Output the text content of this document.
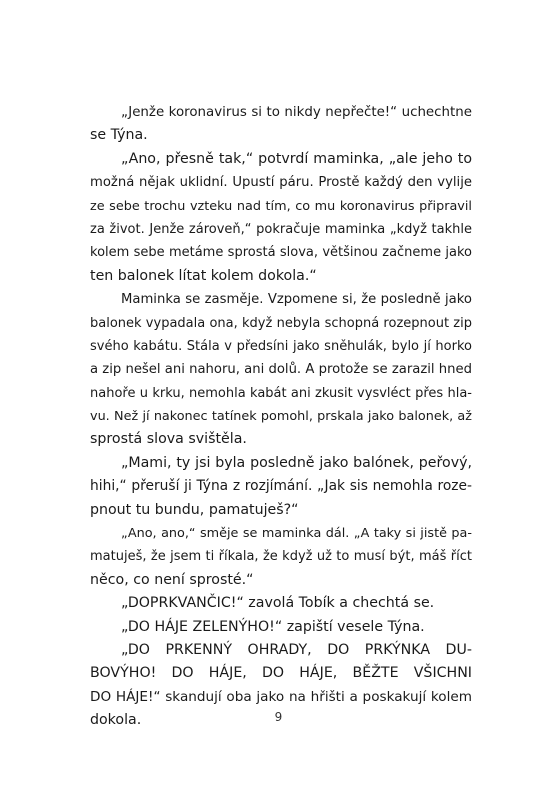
„Jenže koronavirus si to nikdy nepřečte!“ uchechtne
se Týna.
„Ano, přesně tak,“ potvrdí maminka, „ale jeho to
možná nějak uklidní. Upustí páru. Prostě každý den vylije
ze sebe trochu vzteku nad tím, co mu koronavirus připravil
za život. Jenže zároveň,“ pokračuje maminka „když takhle
kolem sebe metáme sprostá slova, většinou začneme jako
ten balonek lítat kolem dokola.“
Maminka se zasměje. Vzpomene si, že posledně jako
balonek vypadala ona, když nebyla schopná rozepnout zip
svého kabátu. Stála v předsíni jako sněhulák, bylo jí horko
a zip nešel ani nahoru, ani dolů. A protože se zarazil hned
nahoře u krku, nemohla kabát ani zkusit vysvléct přes hla-
vu. Než jí nakonec tatínek pomohl, prskala jako balonek, až
sprostá slova svištěla.
„Mami, ty jsi byla posledně jako balónek, peřový,
hihi,“ přeruší ji Týna z rozjímání. „Jak sis nemohla roze-
pnout tu bundu, pamatuješ?“
„Ano, ano,“ směje se maminka dál. „A taky si jistě pa-
matuješ, že jsem ti říkala, že když už to musí být, máš říct
něco, co není sprosté.“
„DOPRKVANČIC!“ zavolá Tobík a chechtá se.
„DO HÁJE ZELENÝHO!“ zapiští vesele Týna.
„DO PRKENNÝ OHRADY, DO PRKÝNKA DU-
BOVÝHO! DO HÁJE, DO HÁJE, BĚŽTE VŠICHNI
DO HÁJE!“ skandují oba jako na hřišti a poskakují kolem
dokola.	9
